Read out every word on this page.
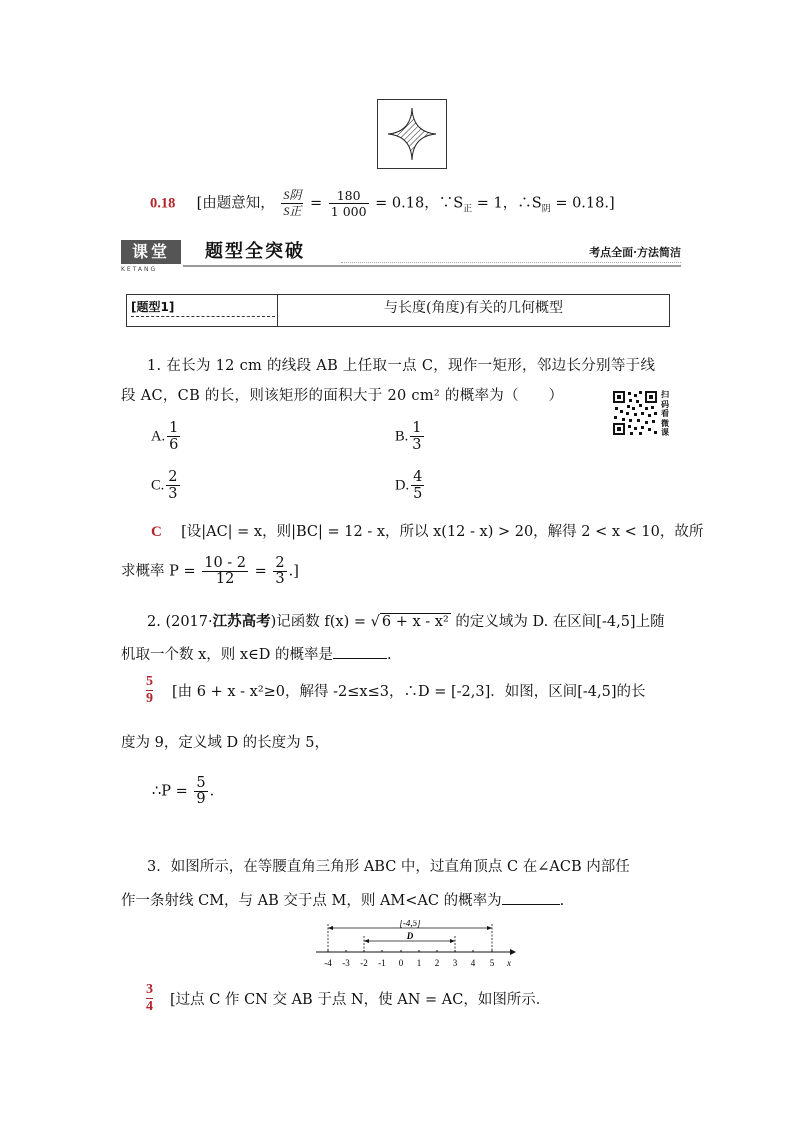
0.18 [由题意知， $\frac{\text{S阴}}{\text{S正}} = \frac{180}{1 000} = 0.18$，$\because S_正 = 1$，$\therefore S_阴 = 0.18$.]
课堂
KETANG
题型全突破	考点全面·方法简洁
[题型1]	与长度(角度)有关的几何概型
1. 在长为 12 cm 的线段 AB 上任取一点 C，现作一矩形，邻边长分别等于线
段 AC，CB 的长，则该矩形的面积大于 20 cm² 的概率为（　　）	扫码看微课
A. $\frac{1}{6}$	B. $\frac{1}{3}$
C. $\frac{2}{3}$	D. $\frac{4}{5}$
C [设|AC| = x，则|BC| = 12 - x，所以 x(12 - x) > 20，解得 2 < x < 10，故所
求概率 $P = \frac{10 - 2}{12} = \frac{2}{3}$ .]
2. (2017·江苏高考)记函数 f(x) = √ 6 + x - x² 的定义域为 D. 在区间[-4,5]上随
机取一个数 x，则 x∈D 的概率是	.
$\frac{5}{9}$ [由 6 + x - x²≥0，解得 -2≤x≤3，∴D = [-2,3]．如图，区间[-4,5]的长
度为 9，定义域 D 的长度为 5，
∴P = $\frac{5}{9}$ .
3．如图所示，在等腰直角三角形 ABC 中，过直角顶点 C 在∠ACB 内部任
作一条射线 CM，与 AB 交于点 M，则 AM<AC 的概率为	.
[-4,5]
D
-4 -3 -2 -1 0 1 2 3 4 5 x
$\frac{3}{4}$ [过点 C 作 CN 交 AB 于点 N，使 AN = AC，如图所示．
